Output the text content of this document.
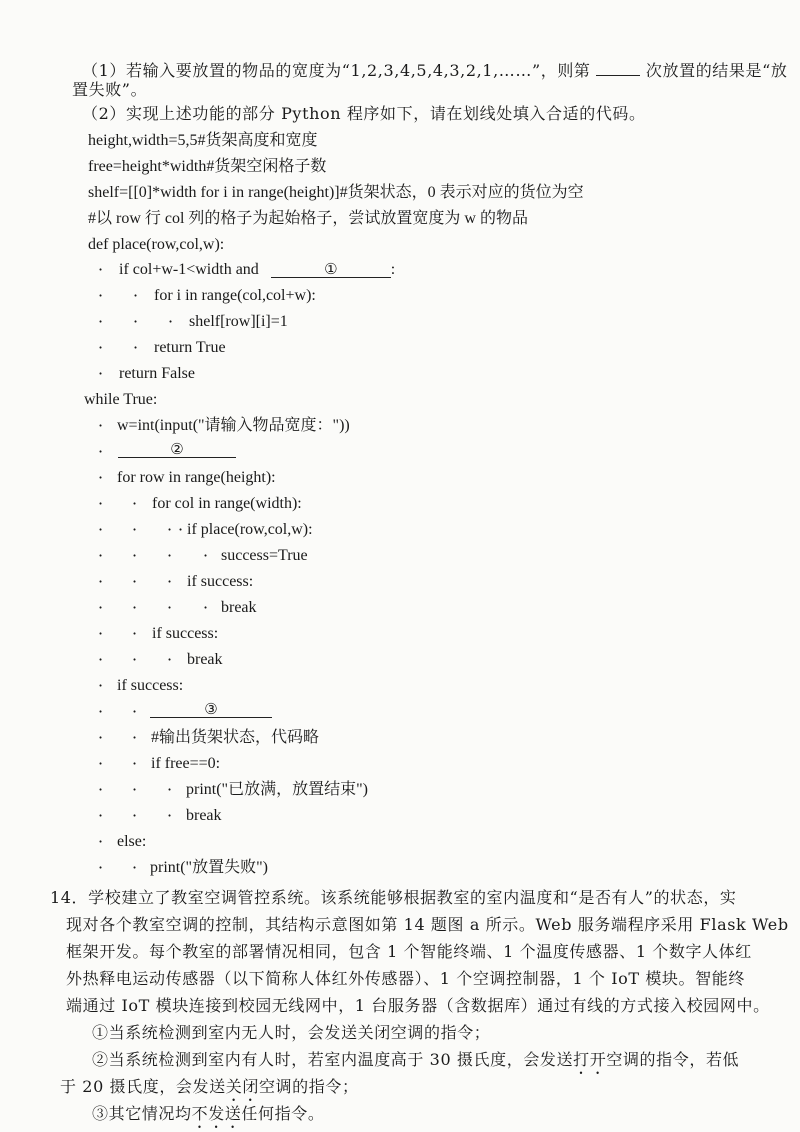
（1）若输入要放置的物品的宽度为“1,2,3,4,5,4,3,2,1,……”，则第	次放置的结果是“放
置失败”。
（2）实现上述功能的部分 Python 程序如下，请在划线处填入合适的代码。
height,width=5,5#货架高度和宽度
free=height*width#货架空闲格子数
shelf=[[0]*width for i in range(height)]#货架状态，0 表示对应的货位为空
#以 row 行 col 列的格子为起始格子，尝试放置宽度为 w 的物品
def place(row,col,w):
· if col+w-1<width and	①	:
· · for i in range(col,col+w):
· · · shelf[row][i]=1
· · return True
· return False
while True:
· w=int(input("请输入物品宽度："))
·	②
· for row in range(height):
· · for col in range(width):
· · · · if place(row,col,w):
· · · · success=True
· · · if success:
· · · · break
· · if success:
· · · break
· if success:
· ·	③
· · #输出货架状态，代码略
· · if free==0:
· · · print("已放满，放置结束")
· · · break
· else:
· · print("放置失败")
14．学校建立了教室空调管控系统。该系统能够根据教室的室内温度和“是否有人”的状态，实
现对各个教室空调的控制，其结构示意图如第 14 题图 a 所示。Web 服务端程序采用 Flask Web
框架开发。每个教室的部署情况相同，包含 1 个智能终端、1 个温度传感器、1 个数字人体红
外热释电运动传感器（以下简称人体红外传感器）、1 个空调控制器，1 个 IoT 模块。智能终
端通过 IoT 模块连接到校园无线网中，1 台服务器（含数据库）通过有线的方式接入校园网中。
①当系统检测到室内无人时，会发送关闭空调的指令；
②当系统检测到室内有人时，若室内温度高于 30 摄氏度，会发送打开空调的指令，若低
于 20 摄氏度，会发送关闭空调的指令；
③其它情况均不发送任何指令。
